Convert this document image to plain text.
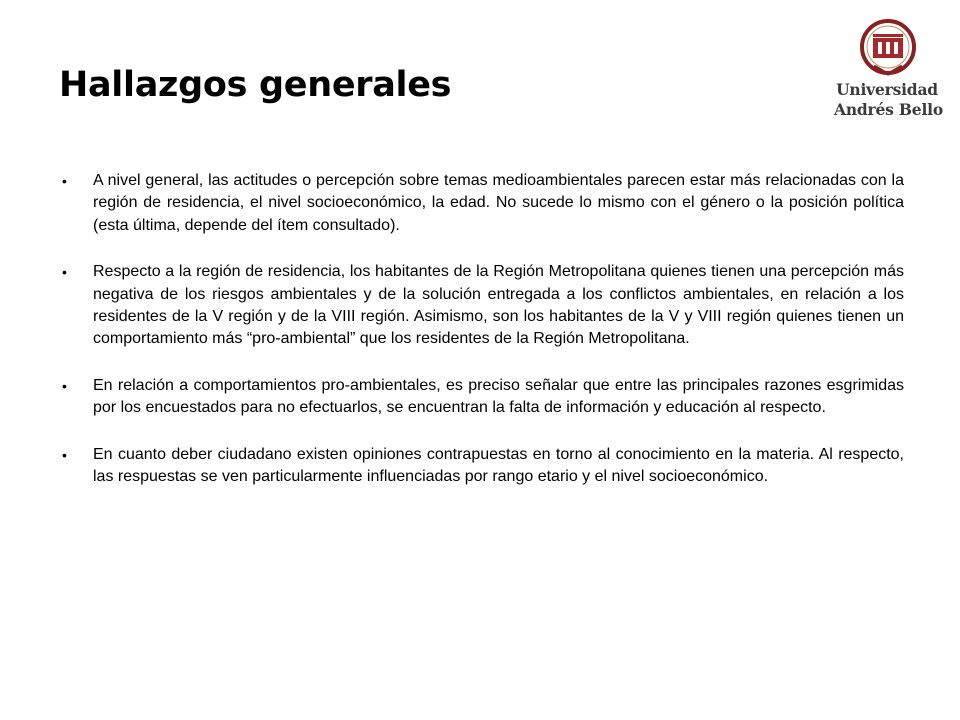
Hallazgos generales	Universidad
Andrés Bello
• A nivel general, las actitudes o percepción sobre temas medioambientales parecen estar más relacionadas con la región de residencia, el nivel socioeconómico, la edad. No sucede lo mismo con el género o la posición política (esta última, depende del ítem consultado).
• Respecto a la región de residencia, los habitantes de la Región Metropolitana quienes tienen una percepción más negativa de los riesgos ambientales y de la solución entregada a los conflictos ambientales, en relación a los residentes de la V región y de la VIII región. Asimismo, son los habitantes de la V y VIII región quienes tienen un comportamiento más “pro-ambiental” que los residentes de la Región Metropolitana.
• En relación a comportamientos pro-ambientales, es preciso señalar que entre las principales razones esgrimidas por los encuestados para no efectuarlos, se encuentran la falta de información y educación al respecto.
• En cuanto deber ciudadano existen opiniones contrapuestas en torno al conocimiento en la materia. Al respecto, las respuestas se ven particularmente influenciadas por rango etario y el nivel socioeconómico.
